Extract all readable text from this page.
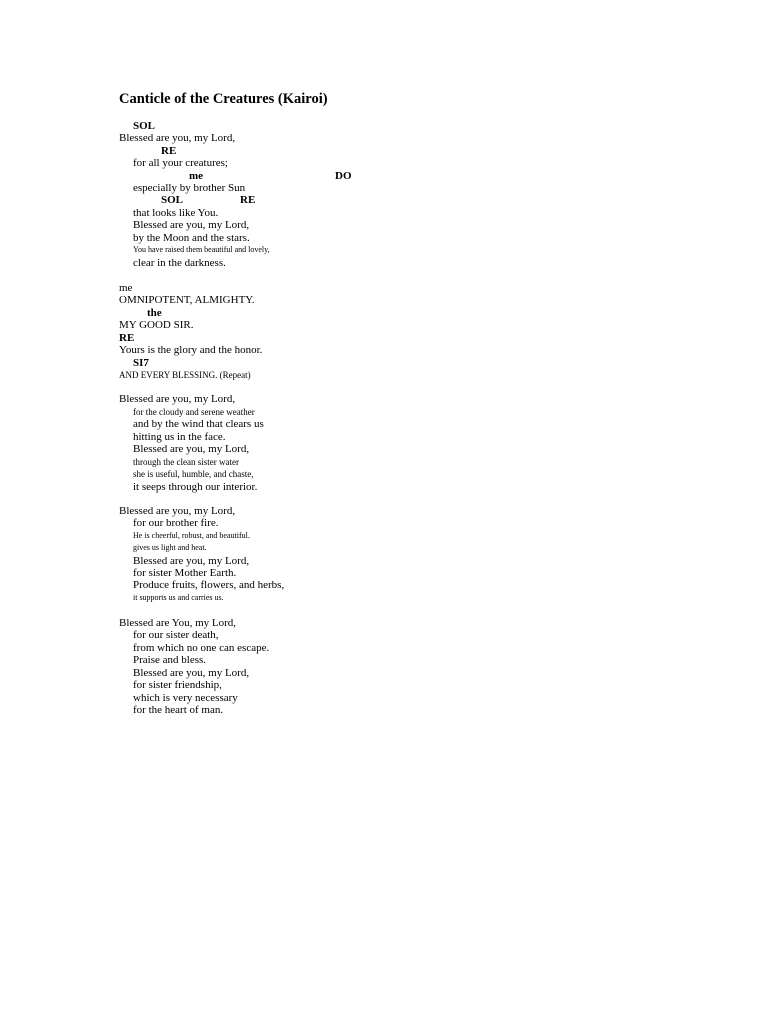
Canticle of the Creatures (Kairoi)
SOL
Blessed are you, my Lord,
RE
for all your creatures;
me	DO
especially by brother Sun
SOL	RE
that looks like You.
Blessed are you, my Lord,
by the Moon and the stars.
You have raised them beautiful and lovely,
clear in the darkness.
me
OMNIPOTENT, ALMIGHTY.
the
MY GOOD SIR.
RE
Yours is the glory and the honor.
SI7
AND EVERY BLESSING. (Repeat)
Blessed are you, my Lord,
for the cloudy and serene weather
and by the wind that clears us
hitting us in the face.
Blessed are you, my Lord,
through the clean sister water
she is useful, humble, and chaste,
it seeps through our interior.
Blessed are you, my Lord,
for our brother fire.
He is cheerful, robust, and beautiful.
gives us light and heat.
Blessed are you, my Lord,
for sister Mother Earth.
Produce fruits, flowers, and herbs,
it supports us and carries us.
Blessed are You, my Lord,
for our sister death,
from which no one can escape.
Praise and bless.
Blessed are you, my Lord,
for sister friendship,
which is very necessary
for the heart of man.
